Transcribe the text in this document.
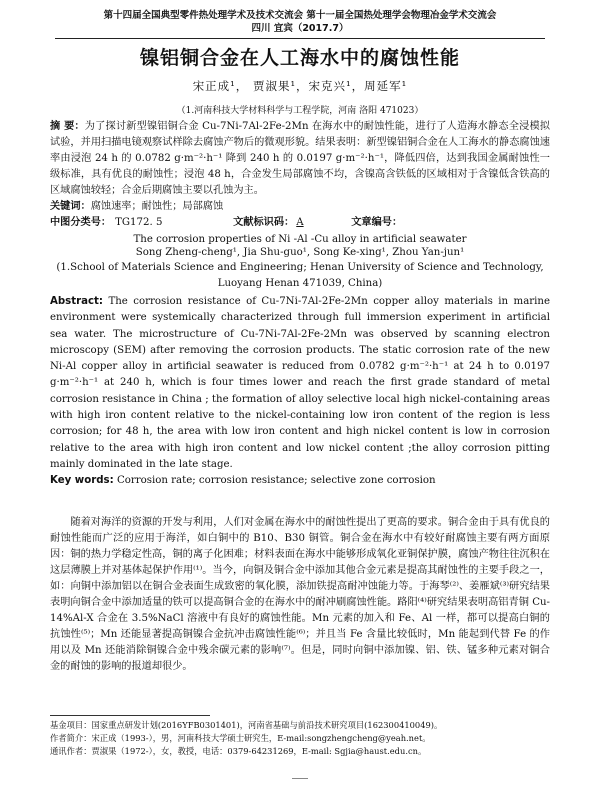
第十四届全国典型零件热处理学术及技术交流会 第十一届全国热处理学会物理冶金学术交流会
四川 宜宾（2017.7）
镍铝铜合金在人工海水中的腐蚀性能
宋正成¹， 贾淑果¹，宋克兴¹，周延军¹
（1.河南科技大学材料科学与工程学院，河南 洛阳 471023）
摘 要：为了探讨新型镍铝铜合金 Cu-7Ni-7Al-2Fe-2Mn 在海水中的耐蚀性能，进行了人造海水静态全浸模拟试验，并用扫描电镜观察试样除去腐蚀产物后的微观形貌。结果表明：新型镍铝铜合金在人工海水的静态腐蚀速率由浸泡 24 h 的 0.0782 g·m⁻²·h⁻¹ 降到 240 h 的 0.0197 g·m⁻²·h⁻¹，降低四倍，达到我国金属耐蚀性一级标准，具有优良的耐蚀性；浸泡 48 h，合金发生局部腐蚀不均，含镍高含铁低的区域相对于含镍低含铁高的区域腐蚀较轻；合金后期腐蚀主要以孔蚀为主。
关键词：腐蚀速率；耐蚀性；局部腐蚀
中图分类号： TG172. 5	文献标识码： A	文章编号：
The corrosion properties of Ni -Al -Cu alloy in artificial seawater
Song Zheng-cheng¹, Jia Shu-guo¹, Song Ke-xing¹, Zhou Yan-jun¹
(1.School of Materials Science and Engineering; Henan University of Science and Technology, Luoyang Henan 471039, China)
Abstract: The corrosion resistance of Cu-7Ni-7Al-2Fe-2Mn copper alloy materials in marine environment were systemically characterized through full immersion experiment in artificial sea water. The microstructure of Cu-7Ni-7Al-2Fe-2Mn was observed by scanning electron microscopy (SEM) after removing the corrosion products. The static corrosion rate of the new Ni-Al copper alloy in artificial seawater is reduced from 0.0782 g·m⁻²·h⁻¹ at 24 h to 0.0197 g·m⁻²·h⁻¹ at 240 h, which is four times lower and reach the first grade standard of metal corrosion resistance in China ; the formation of alloy selective local high nickel-containing areas with high iron content relative to the nickel-containing low iron content of the region is less corrosion; for 48 h, the area with low iron content and high nickel content is low in corrosion relative to the area with high iron content and low nickel content ;the alloy corrosion pitting mainly dominated in the late stage.
Key words: Corrosion rate; corrosion resistance; selective zone corrosion
随着对海洋的资源的开发与利用，人们对金属在海水中的耐蚀性提出了更高的要求。铜合金由于具有优良的耐蚀性能而广泛的应用于海洋，如白铜中的 B10、B30 铜管。铜合金在海水中有较好耐腐蚀主要有两方面原因：铜的热力学稳定性高，铜的离子化困难；材料表面在海水中能够形成氧化亚铜保护膜，腐蚀产物往往沉积在这层薄膜上并对基体起保护作用⁽¹⁾。当今，向铜及铜合金中添加其他合金元素是提高其耐蚀性的主要手段之一，如：向铜中添加铝以在铜合金表面生成致密的氧化膜，添加铁提高耐冲蚀能力等。于海琴⁽²⁾、姜雁斌⁽³⁾研究结果表明向铜合金中添加适量的铁可以提高铜合金的在海水中的耐冲刷腐蚀性能。路阳⁽⁴⁾研究结果表明高铝青铜 Cu-14%Al-X 合金在 3.5%NaCl 溶液中有良好的腐蚀性能。Mn 元素的加入和 Fe、Al 一样，都可以提高白铜的抗蚀性⁽⁵⁾；Mn 还能显著提高铜镍合金抗冲击腐蚀性能⁽⁶⁾；并且当 Fe 含量比较低时，Mn 能起到代替 Fe 的作用以及 Mn 还能消除铜镍合金中残余碳元素的影响⁽⁷⁾。但是，同时向铜中添加镍、铝、铁、锰多种元素对铜合金的耐蚀的影响的报道却很少。
基金项目：国家重点研发计划(2016YFB0301401)，河南省基础与前沿技术研究项目(162300410049)。
作者简介：宋正成（1993-），男，河南科技大学硕士研究生，E-mail:songzhengcheng@yeah.net。
通讯作者：贾淑果（1972-），女，教授，电话：0379-64231269，E-mail: Sgjia@haust.edu.cn。
